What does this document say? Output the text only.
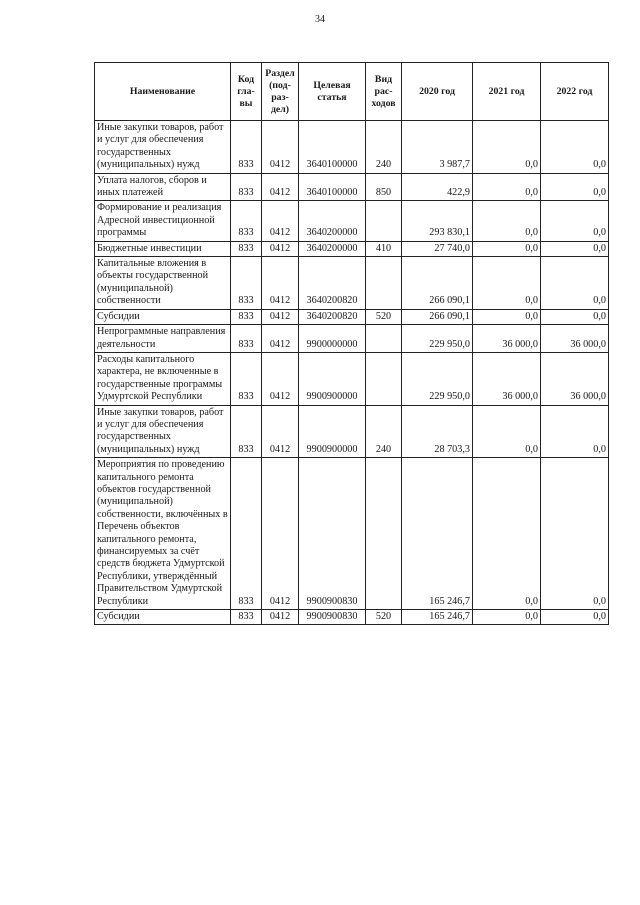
34
Наименование	Код гла- вы	Раздел (под- раз- дел)	Целевая статья	Вид рас- ходов	2020 год	2021 год	2022 год
Иные закупки товаров, работ и услуг для обеспечения государственных (муниципальных) нужд	833	0412	3640100000	240	3 987,7	0,0	0,0
Уплата налогов, сборов и иных платежей	833	0412	3640100000	850	422,9	0,0	0,0
Формирование и реализация Адресной инвестиционной программы	833	0412	3640200000		293 830,1	0,0	0,0
Бюджетные инвестиции	833	0412	3640200000	410	27 740,0	0,0	0,0
Капитальные вложения в объекты государственной (муниципальной) собственности	833	0412	3640200820		266 090,1	0,0	0,0
Субсидии	833	0412	3640200820	520	266 090,1	0,0	0,0
Непрограммные направления деятельности	833	0412	9900000000		229 950,0	36 000,0	36 000,0
Расходы капитального характера, не включенные в государственные программы Удмуртской Республики	833	0412	9900900000		229 950,0	36 000,0	36 000,0
Иные закупки товаров, работ и услуг для обеспечения государственных (муниципальных) нужд	833	0412	9900900000	240	28 703,3	0,0	0,0
Мероприятия по проведению капитального ремонта объектов государственной (муниципальной) собственности, включённых в Перечень объектов капитального ремонта, финансируемых за счёт средств бюджета Удмуртской Республики, утверждённый Правительством Удмуртской Республики	833	0412	9900900830		165 246,7	0,0	0,0
Субсидии	833	0412	9900900830	520	165 246,7	0,0	0,0
